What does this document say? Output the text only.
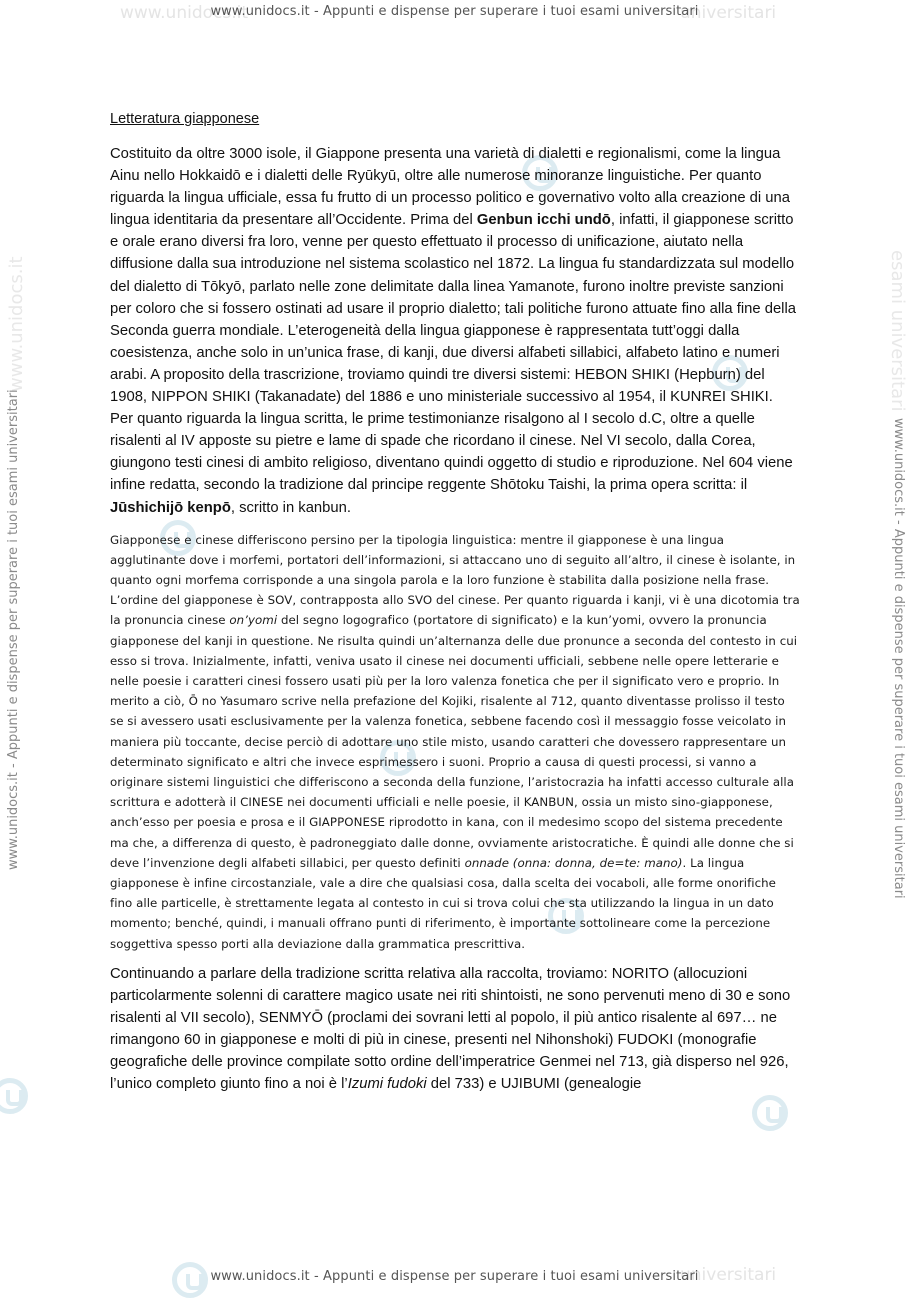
www.unidocs.it	universitari
www.unidocs.it - Appunti e dispense per superare i tuoi esami universitari
universitari
www.unidocs.it - Appunti e dispense per superare i tuoi esami universitari
www.unidocs.it	esami universitari
www.unidocs.it - Appunti e dispense per superare i tuoi esami universitari	www.unidocs.it - Appunti e dispense per superare i tuoi esami universitari
Letteratura giapponese

Costituito da oltre 3000 isole, il Giappone presenta una varietà di dialetti e regionalismi, come la lingua Ainu nello Hokkaidō e i dialetti delle Ryūkyū, oltre alle numerose minoranze linguistiche. Per quanto riguarda la lingua ufficiale, essa fu frutto di un processo politico e governativo volto alla creazione di una lingua identitaria da presentare all’Occidente. Prima del Genbun icchi undō, infatti, il giapponese scritto e orale erano diversi fra loro, venne per questo effettuato il processo di unificazione, aiutato nella diffusione dalla sua introduzione nel sistema scolastico nel 1872. La lingua fu standardizzata sul modello del dialetto di Tōkyō, parlato nelle zone delimitate dalla linea Yamanote, furono inoltre previste sanzioni per coloro che si fossero ostinati ad usare il proprio dialetto; tali politiche furono attuate fino alla fine della Seconda guerra mondiale. L’eterogeneità della lingua giapponese è rappresentata tutt’oggi dalla coesistenza, anche solo in un’unica frase, di kanji, due diversi alfabeti sillabici, alfabeto latino e numeri arabi. A proposito della trascrizione, troviamo quindi tre diversi sistemi: HEBON SHIKI (Hepburn) del 1908, NIPPON SHIKI (Takanadate) del 1886 e uno ministeriale successivo al 1954, il KUNREI SHIKI. Per quanto riguarda la lingua scritta, le prime testimonianze risalgono al I secolo d.C, oltre a quelle risalenti al IV apposte su pietre e lame di spade che ricordano il cinese. Nel VI secolo, dalla Corea, giungono testi cinesi di ambito religioso, diventano quindi oggetto di studio e riproduzione. Nel 604 viene infine redatta, secondo la tradizione dal principe reggente Shōtoku Taishi, la prima opera scritta: il Jūshichijō kenpō, scritto in kanbun.

Giapponese e cinese differiscono persino per la tipologia linguistica: mentre il giapponese è una lingua agglutinante dove i morfemi, portatori dell’informazioni, si attaccano uno di seguito all’altro, il cinese è isolante, in quanto ogni morfema corrisponde a una singola parola e la loro funzione è stabilita dalla posizione nella frase. L’ordine del giapponese è SOV, contrapposta allo SVO del cinese. Per quanto riguarda i kanji, vi è una dicotomia tra la pronuncia cinese on’yomi del segno logografico (portatore di significato) e la kun’yomi, ovvero la pronuncia giapponese del kanji in questione. Ne risulta quindi un’alternanza delle due pronunce a seconda del contesto in cui esso si trova. Inizialmente, infatti, veniva usato il cinese nei documenti ufficiali, sebbene nelle opere letterarie e nelle poesie i caratteri cinesi fossero usati più per la loro valenza fonetica che per il significato vero e proprio. In merito a ciò, Ō no Yasumaro scrive nella prefazione del Kojiki, risalente al 712, quanto diventasse prolisso il testo se si avessero usati esclusivamente per la valenza fonetica, sebbene facendo così il messaggio fosse veicolato in maniera più toccante, decise perciò di adottare uno stile misto, usando caratteri che dovessero rappresentare un determinato significato e altri che invece esprimessero i suoni. Proprio a causa di questi processi, si vanno a originare sistemi linguistici che differiscono a seconda della funzione, l’aristocrazia ha infatti accesso culturale alla scrittura e adotterà il CINESE nei documenti ufficiali e nelle poesie, il KANBUN, ossia un misto sino-giapponese, anch’esso per poesia e prosa e il GIAPPONESE riprodotto in kana, con il medesimo scopo del sistema precedente ma che, a differenza di questo, è padroneggiato dalle donne, ovviamente aristocratiche. È quindi alle donne che si deve l’invenzione degli alfabeti sillabici, per questo definiti onnade (onna: donna, de=te: mano). La lingua giapponese è infine circostanziale, vale a dire che qualsiasi cosa, dalla scelta dei vocaboli, alle forme onorifiche fino alle particelle, è strettamente legata al contesto in cui si trova colui che sta utilizzando la lingua in un dato momento; benché, quindi, i manuali offrano punti di riferimento, è importante sottolineare come la percezione soggettiva spesso porti alla deviazione dalla grammatica prescrittiva.

Continuando a parlare della tradizione scritta relativa alla raccolta, troviamo: NORITO (allocuzioni particolarmente solenni di carattere magico usate nei riti shintoisti, ne sono pervenuti meno di 30 e sono risalenti al VII secolo), SENMYŌ (proclami dei sovrani letti al popolo, il più antico risalente al 697… ne rimangono 60 in giapponese e molti di più in cinese, presenti nel Nihonshoki) FUDOKI (monografie geografiche delle province compilate sotto ordine dell’imperatrice Genmei nel 713, già disperso nel 926, l’unico completo giunto fino a noi è l’Izumi fudoki del 733) e UJIBUMI (genealogie
